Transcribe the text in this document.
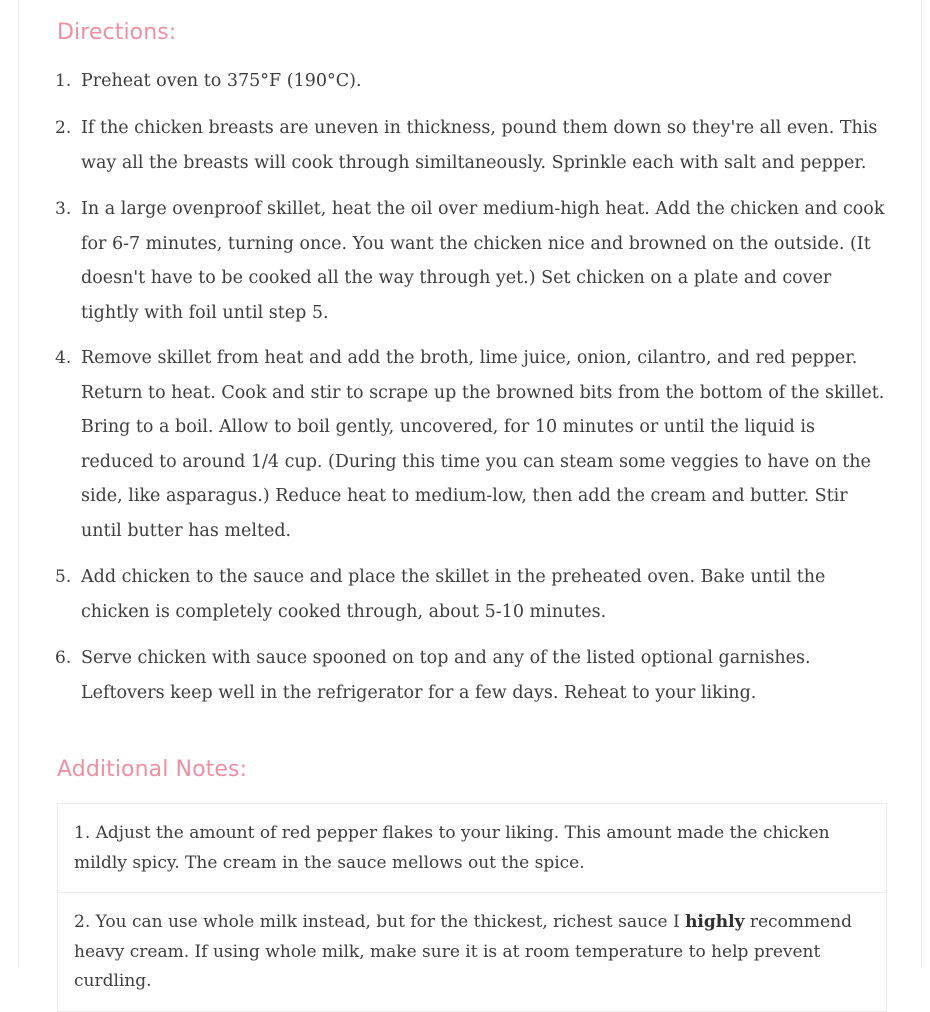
Directions:
1. Preheat oven to 375°F (190°C).
2. If the chicken breasts are uneven in thickness, pound them down so they're all even. This way all the breasts will cook through similtaneously. Sprinkle each with salt and pepper.
3. In a large ovenproof skillet, heat the oil over medium-high heat. Add the chicken and cook for 6-7 minutes, turning once. You want the chicken nice and browned on the outside. (It doesn't have to be cooked all the way through yet.) Set chicken on a plate and cover tightly with foil until step 5.
4. Remove skillet from heat and add the broth, lime juice, onion, cilantro, and red pepper. Return to heat. Cook and stir to scrape up the browned bits from the bottom of the skillet. Bring to a boil. Allow to boil gently, uncovered, for 10 minutes or until the liquid is reduced to around 1/4 cup. (During this time you can steam some veggies to have on the side, like asparagus.) Reduce heat to medium-low, then add the cream and butter. Stir until butter has melted.
5. Add chicken to the sauce and place the skillet in the preheated oven. Bake until the chicken is completely cooked through, about 5-10 minutes.
6. Serve chicken with sauce spooned on top and any of the listed optional garnishes. Leftovers keep well in the refrigerator for a few days. Reheat to your liking.
Additional Notes:
1. Adjust the amount of red pepper flakes to your liking. This amount made the chicken mildly spicy. The cream in the sauce mellows out the spice.
2. You can use whole milk instead, but for the thickest, richest sauce I highly recommend heavy cream. If using whole milk, make sure it is at room temperature to help prevent curdling.
